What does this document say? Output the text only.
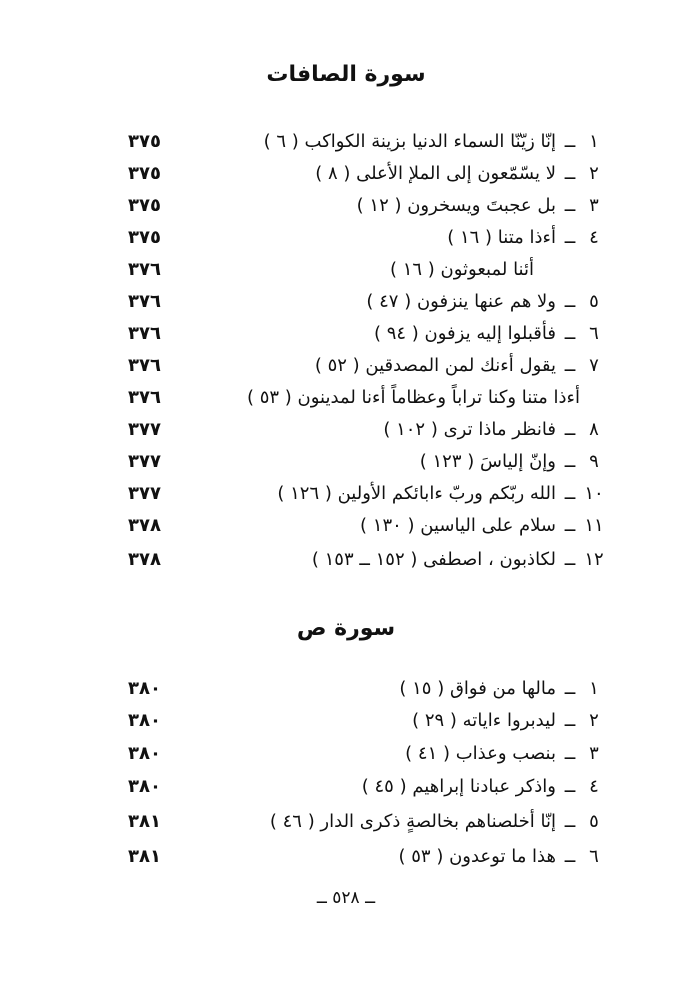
سورة الصافات
١
ــ
إنّا زيّنّا السماء الدنيا بزينة الكواكب ( ٦ )
٣٧٥
٢
ــ
لا يسّمّعون إلى الملإ الأعلى ( ٨ )
٣٧٥
٣
ــ
بل عجبتَ ويسخرون ( ١٢ )
٣٧٥
٤
ــ
أءذا متنا ( ١٦ )
٣٧٥
أئنا لمبعوثون ( ١٦ )
٣٧٦
٥
ــ
ولا هم عنها ينزفون ( ٤٧ )
٣٧٦
٦
ــ
فأقبلوا إليه يزفون ( ٩٤ )
٣٧٦
٧
ــ
يقول أءنك لمن المصدقين ( ٥٢ )
٣٧٦
أءذا متنا وكنا تراباً وعظاماً أءنا لمدينون ( ٥٣ )
٣٧٦
٨
ــ
فانظر ماذا ترى ( ١٠٢ )
٣٧٧
٩
ــ
وإنّ إلياسَ ( ١٢٣ )
٣٧٧
١٠
ــ
الله ربّكم وربّ ءابائكم الأولين ( ١٢٦ )
٣٧٧
١١
ــ
سلام على الياسين ( ١٣٠ )
٣٧٨
١٢
ــ
لكاذبون ، اصطفى ( ١٥٢ ــ ١٥٣ )
٣٧٨
سورة ص
١
ــ
مالها من فواق ( ١٥ )
٣٨٠
٢
ــ
ليدبروا ءاياته ( ٢٩ )
٣٨٠
٣
ــ
بنصب وعذاب ( ٤١ )
٣٨٠
٤
ــ
واذكر عبادنا إبراهيم ( ٤٥ )
٣٨٠
٥
ــ
إنّا أخلصناهم بخالصةٍ ذكرى الدار ( ٤٦ )
٣٨١
٦
ــ
هذا ما توعدون ( ٥٣ )
٣٨١
ــ ٥٢٨ ــ
